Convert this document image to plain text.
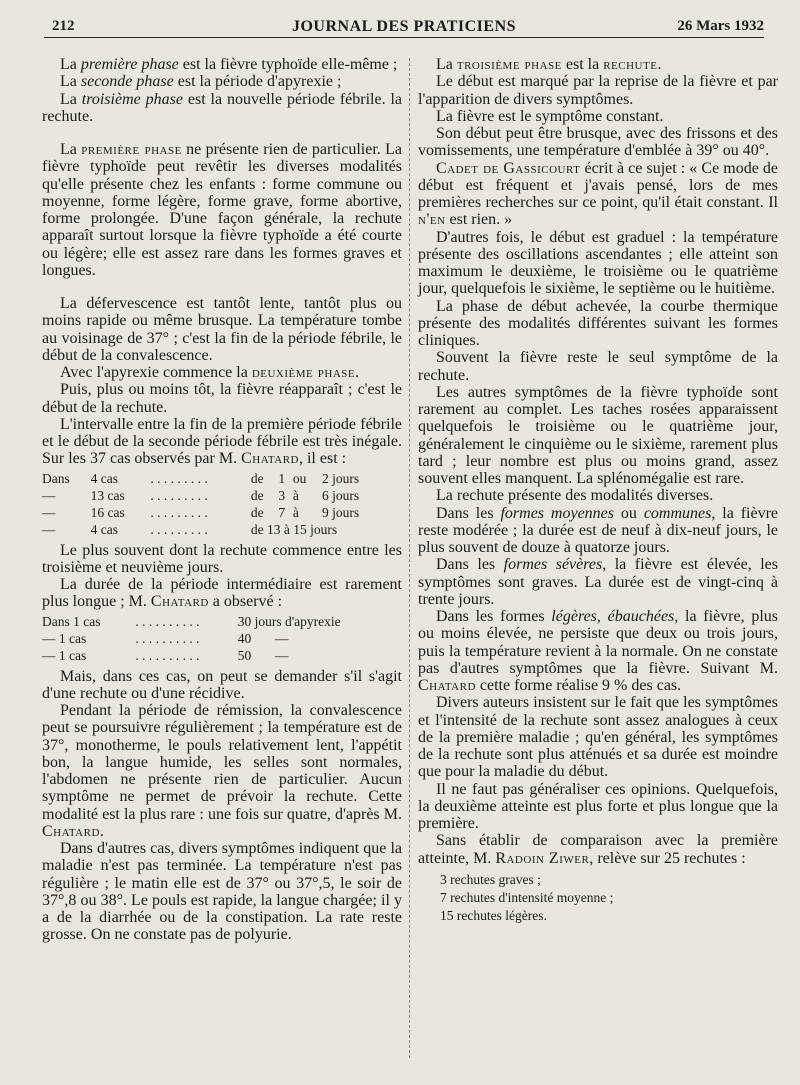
212	JOURNAL DES PRATICIENS	26 Mars 1932

La première phase est la fièvre typhoïde elle-même ;

La seconde phase est la période d'apyrexie ;

La troisième phase est la nouvelle période fébrile. la rechute.

La première phase ne présente rien de particulier. La fièvre typhoïde peut revêtir les diverses modalités qu'elle présente chez les enfants : forme commune ou moyenne, forme légère, forme grave, forme abortive, forme prolongée. D'une façon générale, la rechute apparaît surtout lorsque la fièvre typhoïde a été courte ou légère; elle est assez rare dans les formes graves et longues.

La défervescence est tantôt lente, tantôt plus ou moins rapide ou même brusque. La température tombe au voisinage de 37° ; c'est la fin de la période fébrile, le début de la convalescence.

Avec l'apyrexie commence la deuxième phase.

Puis, plus ou moins tôt, la fièvre réapparaît ; c'est le début de la rechute.

L'intervalle entre la fin de la première période fébrile et le début de la seconde période fébrile est très inégale. Sur les 37 cas observés par M. Chatard, il est :

Dans	4 cas	. . . . . . . . .	de	1	ou	2 jours
—	13 cas	. . . . . . . . .	de	3	à	6 jours
—	16 cas	. . . . . . . . .	de	7	à	9 jours
—	4 cas	. . . . . . . . .	de 13 à 15 jours			

Le plus souvent dont la rechute commence entre les troisième et neuvième jours.

La durée de la période intermédiaire est rarement plus longue ; M. Chatard a observé :

Dans 1 cas	. . . . . . . . . .	30 jours d'apyrexie
— 1 cas	. . . . . . . . . .	40       —
— 1 cas	. . . . . . . . . .	50       —

Mais, dans ces cas, on peut se demander s'il s'agit d'une rechute ou d'une récidive.

Pendant la période de rémission, la convalescence peut se poursuivre régulièrement ; la température est de 37°, monotherme, le pouls relativement lent, l'appétit bon, la langue humide, les selles sont normales, l'abdomen ne présente rien de particulier. Aucun symptôme ne permet de prévoir la rechute. Cette modalité est la plus rare : une fois sur quatre, d'après M. Chatard.

Dans d'autres cas, divers symptômes indiquent que la maladie n'est pas terminée. La température n'est pas régulière ; le matin elle est de 37° ou 37°,5, le soir de 37°,8 ou 38°. Le pouls est rapide, la langue chargée; il y a de la diarrhée ou de la constipation. La rate reste grosse. On ne constate pas de polyurie.

La troisième phase est la rechute.

Le début est marqué par la reprise de la fièvre et par l'apparition de divers symptômes.

La fièvre est le symptôme constant.

Son début peut être brusque, avec des frissons et des vomissements, une température d'emblée à 39° ou 40°.

Cadet de Gassicourt écrit à ce sujet : « Ce mode de début est fréquent et j'avais pensé, lors de mes premières recherches sur ce point, qu'il était constant. Il n'en est rien. »

D'autres fois, le début est graduel : la température présente des oscillations ascendantes ; elle atteint son maximum le deuxième, le troisième ou le quatrième jour, quelquefois le sixième, le septième ou le huitième.

La phase de début achevée, la courbe thermique présente des modalités différentes suivant les formes cliniques.

Souvent la fièvre reste le seul symptôme de la rechute.

Les autres symptômes de la fièvre typhoïde sont rarement au complet. Les taches rosées apparaissent quelquefois le troisième ou le quatrième jour, généralement le cinquième ou le sixième, rarement plus tard ; leur nombre est plus ou moins grand, assez souvent elles manquent. La splénomégalie est rare.

La rechute présente des modalités diverses.

Dans les formes moyennes ou communes, la fièvre reste modérée ; la durée est de neuf à dix-neuf jours, le plus souvent de douze à quatorze jours.

Dans les formes sévères, la fièvre est élevée, les symptômes sont graves. La durée est de vingt-cinq à trente jours.

Dans les formes légères, ébauchées, la fièvre, plus ou moins élevée, ne persiste que deux ou trois jours, puis la température revient à la normale. On ne constate pas d'autres symptômes que la fièvre. Suivant M. Chatard cette forme réalise 9 % des cas.

Divers auteurs insistent sur le fait que les symptômes et l'intensité de la rechute sont assez analogues à ceux de la première maladie ; qu'en général, les symptômes de la rechute sont plus atténués et sa durée est moindre que pour la maladie du début.

Il ne faut pas généraliser ces opinions. Quelquefois, la deuxième atteinte est plus forte et plus longue que la première.

Sans établir de comparaison avec la première atteinte, M. Radoin Ziwer, relève sur 25 rechutes :

3 rechutes graves ;
7 rechutes d'intensité moyenne ;
15 rechutes légères.
